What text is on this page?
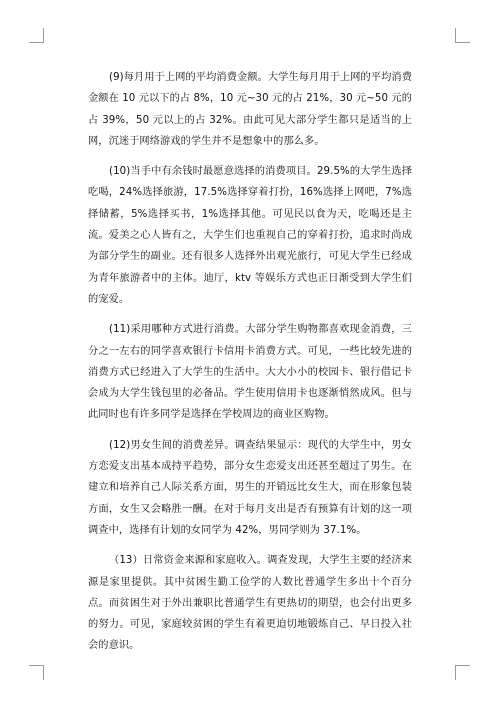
(9)每月用于上网的平均消费金额。大学生每月用于上网的平均消费金额在 10 元以下的占 8%，10 元~30 元的占 21%，30 元~50 元的占 39%，50 元以上的占 32%。由此可见大部分学生都只是适当的上网，沉迷于网络游戏的学生并不是想象中的那么多。

(10)当手中有余钱时最愿意选择的消费项目。29.5%的大学生选择吃喝，24%选择旅游，17.5%选择穿着打扮，16%选择上网吧，7%选择储蓄，5%选择买书，1%选择其他。可见民以食为天，吃喝还是主流。爱美之心人皆有之，大学生们也重视自己的穿着打扮，追求时尚成为部分学生的副业。还有很多人选择外出观光旅行，可见大学生已经成为青年旅游者中的主体。迪厅，ktv 等娱乐方式也正日渐受到大学生们的宠爱。

(11)采用哪种方式进行消费。大部分学生购物都喜欢现金消费，三分之一左右的同学喜欢银行卡信用卡消费方式。可见，一些比较先进的消费方式已经进入了大学生的生活中。大大小小的校园卡、银行借记卡会成为大学生钱包里的必备品。学生使用信用卡也逐渐悄然成风。但与此同时也有许多同学是选择在学校周边的商业区购物。

(12)男女生间的消费差异。调查结果显示：现代的大学生中，男女方恋爱支出基本成持平趋势，部分女生恋爱支出还甚至超过了男生。在建立和培养自己人际关系方面，男生的开销远比女生大，而在形象包装方面，女生又会略胜一酬。在对于每月支出是否有预算有计划的这一项调查中，选择有计划的女同学为 42%，男同学则为 37.1%。

（13）日常资金来源和家庭收入。调查发现，大学生主要的经济来源是家里提供。其中贫困生勤工俭学的人数比普通学生多出十个百分点。而贫困生对于外出兼职比普通学生有更热切的期望，也会付出更多的努力。可见，家庭较贫困的学生有着更迫切地锻炼自己、早日投入社会的意识。
